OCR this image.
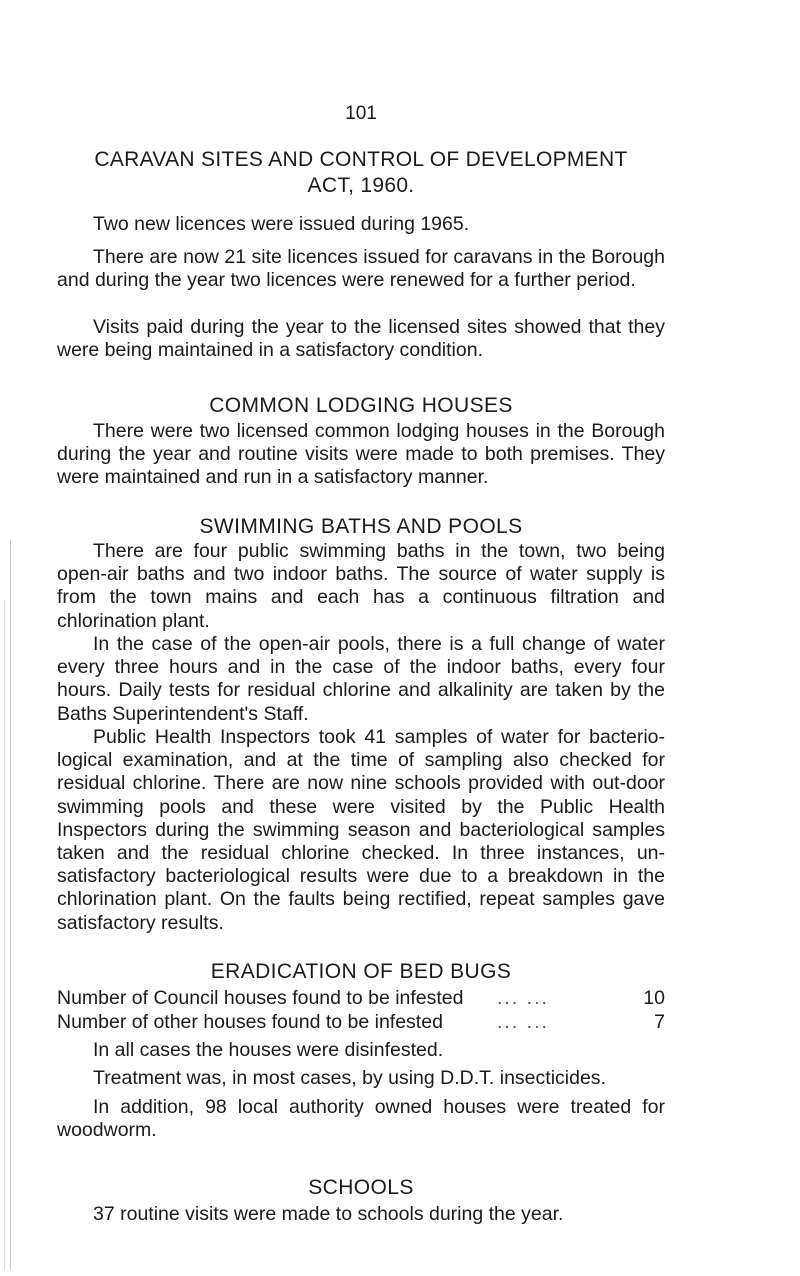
101
CARAVAN SITES AND CONTROL OF DEVELOPMENT
ACT, 1960.
Two new licences were issued during 1965.
There are now 21 site licences issued for caravans in the Borough and during the year two licences were renewed for a further period.
Visits paid during the year to the licensed sites showed that they were being maintained in a satisfactory condition.
COMMON LODGING HOUSES
There were two licensed common lodging houses in the Borough during the year and routine visits were made to both premises. They were maintained and run in a satisfactory manner.
SWIMMING BATHS AND POOLS
There are four public swimming baths in the town, two being open-air baths and two indoor baths. The source of water supply is from the town mains and each has a continuous filtration and chlorination plant.
In the case of the open-air pools, there is a full change of water every three hours and in the case of the indoor baths, every four hours. Daily tests for residual chlorine and alkalinity are taken by the Baths Superintendent's Staff.
Public Health Inspectors took 41 samples of water for bacterio-logical examination, and at the time of sampling also checked for residual chlorine. There are now nine schools provided with out-door swimming pools and these were visited by the Public Health Inspectors during the swimming season and bacteriological samples taken and the residual chlorine checked. In three instances, un-satisfactory bacteriological results were due to a breakdown in the chlorination plant. On the faults being rectified, repeat samples gave satisfactory results.
ERADICATION OF BED BUGS
Number of Council houses found to be infested ... ...	10
Number of other houses found to be infested	... ...	7
In all cases the houses were disinfested.
Treatment was, in most cases, by using D.D.T. insecticides.
In addition, 98 local authority owned houses were treated for woodworm.
SCHOOLS
37 routine visits were made to schools during the year.
